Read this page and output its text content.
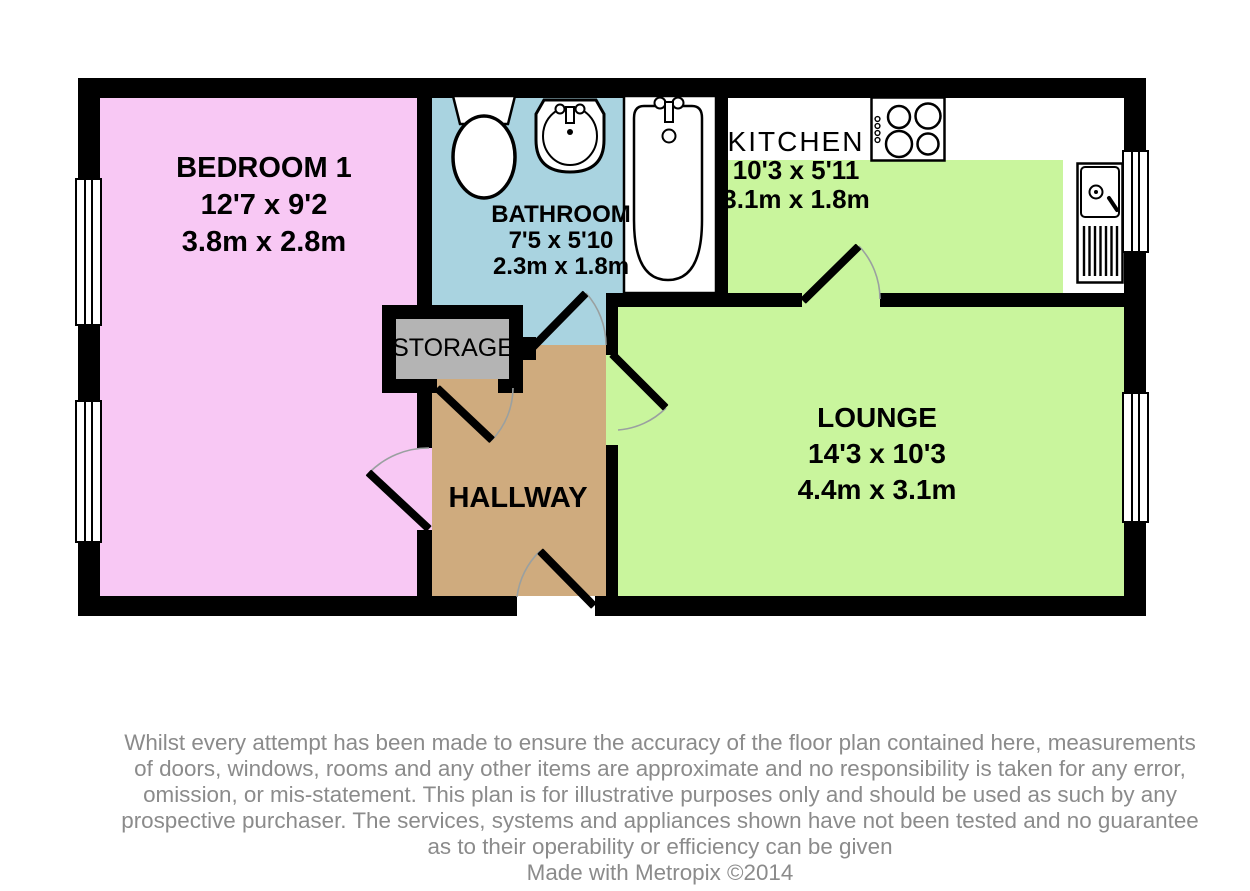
BEDROOM 1
12'7 x 9'2
3.8m x 2.8m
BATHROOM
7'5 x 5'10
2.3m x 1.8m
KITCHEN
10'3 x 5'11
3.1m x 1.8m
LOUNGE
14'3 x 10'3
4.4m x 3.1m
HALLWAY
STORAGE
Whilst every attempt has been made to ensure the accuracy of the floor plan contained here, measurements
of doors, windows, rooms and any other items are approximate and no responsibility is taken for any error,
omission, or mis-statement. This plan is for illustrative purposes only and should be used as such by any
prospective purchaser. The services, systems and appliances shown have not been tested and no guarantee
as to their operability or efficiency can be given
Made with Metropix ©2014
